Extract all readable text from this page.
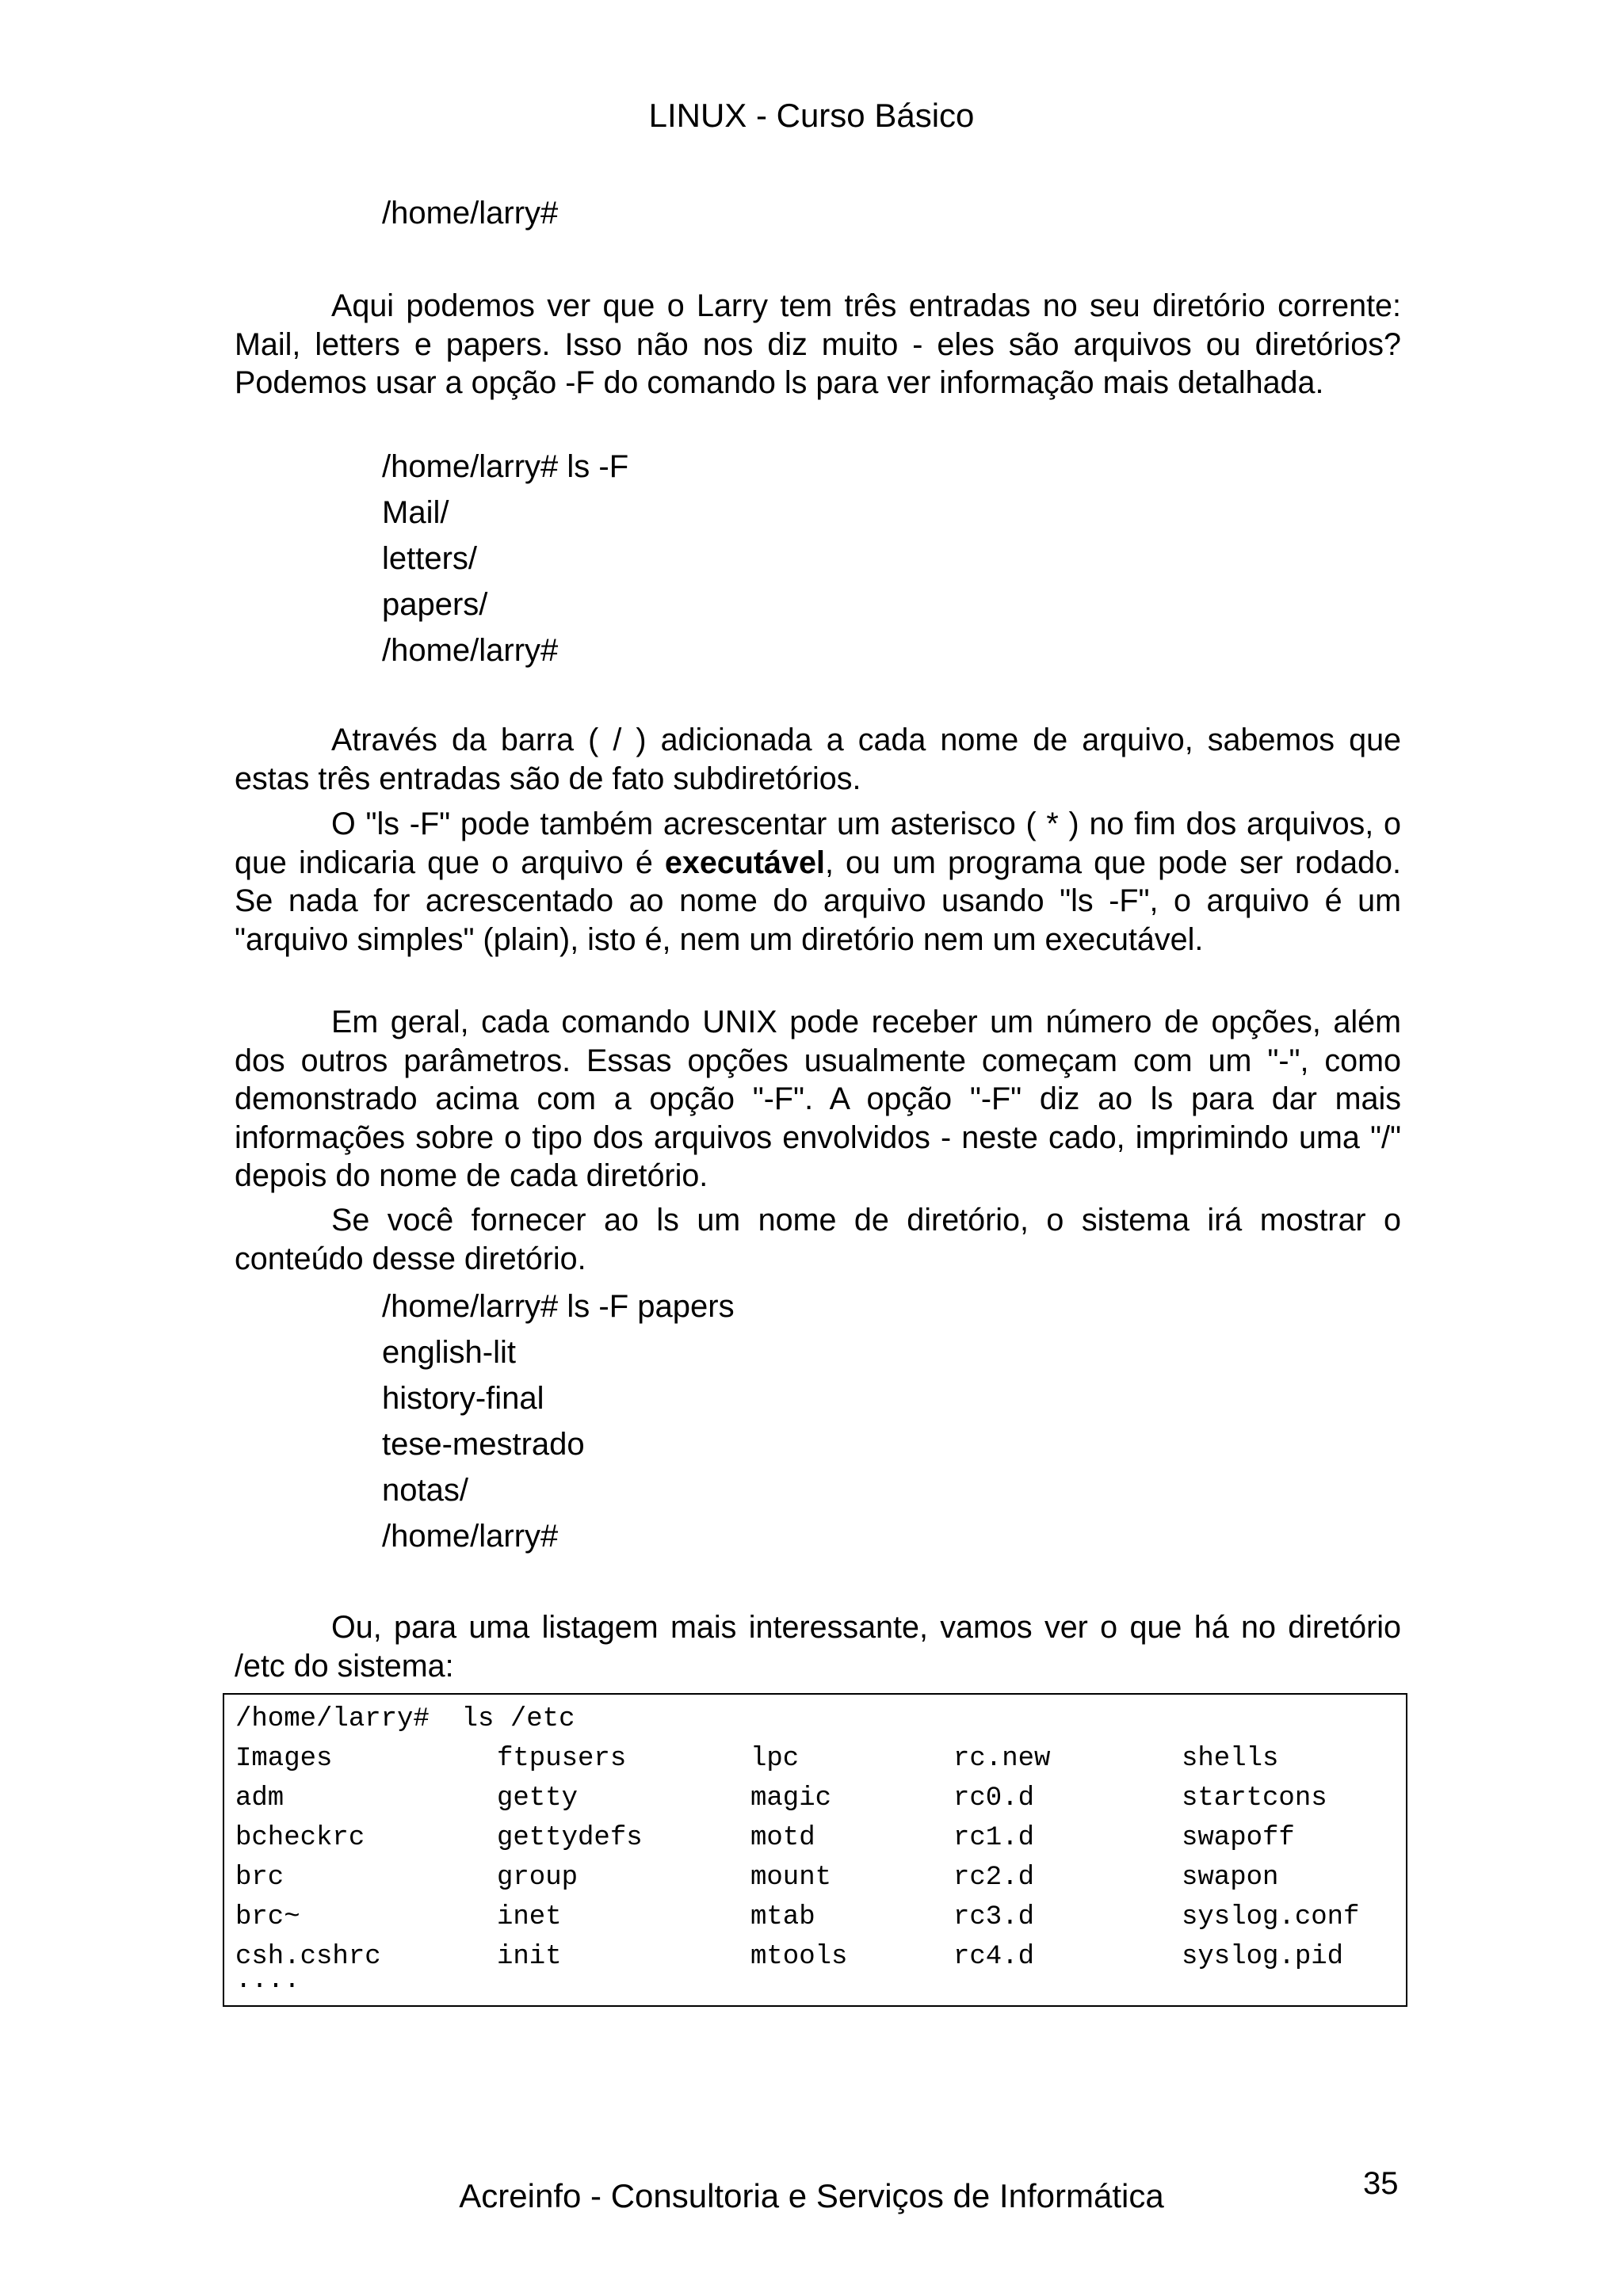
LINUX - Curso Básico
/home/larry#

Aqui podemos ver que o Larry tem três entradas no seu diretório corrente: Mail, letters e papers. Isso não nos diz muito - eles são arquivos ou diretórios? Podemos usar a opção -F do comando ls para ver informação mais detalhada.

/home/larry# ls -F
Mail/
letters/
papers/
/home/larry#

Através da barra ( / ) adicionada a cada nome de arquivo, sabemos que estas três entradas são de fato subdiretórios.

O "ls -F" pode também acrescentar um asterisco ( * ) no fim dos arquivos, o que indicaria que o arquivo é executável, ou um programa que pode ser rodado. Se nada for acrescentado ao nome do arquivo usando "ls -F", o arquivo é um "arquivo simples" (plain), isto é, nem um diretório nem um executável.

Em geral, cada comando UNIX pode receber um número de opções, além dos outros parâmetros. Essas opções usualmente começam com um "-", como demonstrado acima com a opção "-F". A opção "-F" diz ao ls para dar mais informações sobre o tipo dos arquivos envolvidos - neste cado, imprimindo uma "/" depois do nome de cada diretório.

Se você fornecer ao ls um nome de diretório, o sistema irá mostrar o conteúdo desse diretório.

/home/larry# ls -F papers
english-lit
history-final
tese-mestrado
notas/
/home/larry#

Ou, para uma listagem mais interessante, vamos ver o que há no diretório /etc do sistema:

/home/larry#  ls /etc
Images	ftpusers	lpc	rc.new	shells
adm	getty	magic	rc0.d	startcons
bcheckrc	gettydefs	motd	rc1.d	swapoff
brc	group	mount	rc2.d	swapon
brc~	inet	mtab	rc3.d	syslog.conf
csh.cshrc	init	mtools	rc4.d	syslog.pid
....
Acreinfo - Consultoria e Serviços de Informática	35
